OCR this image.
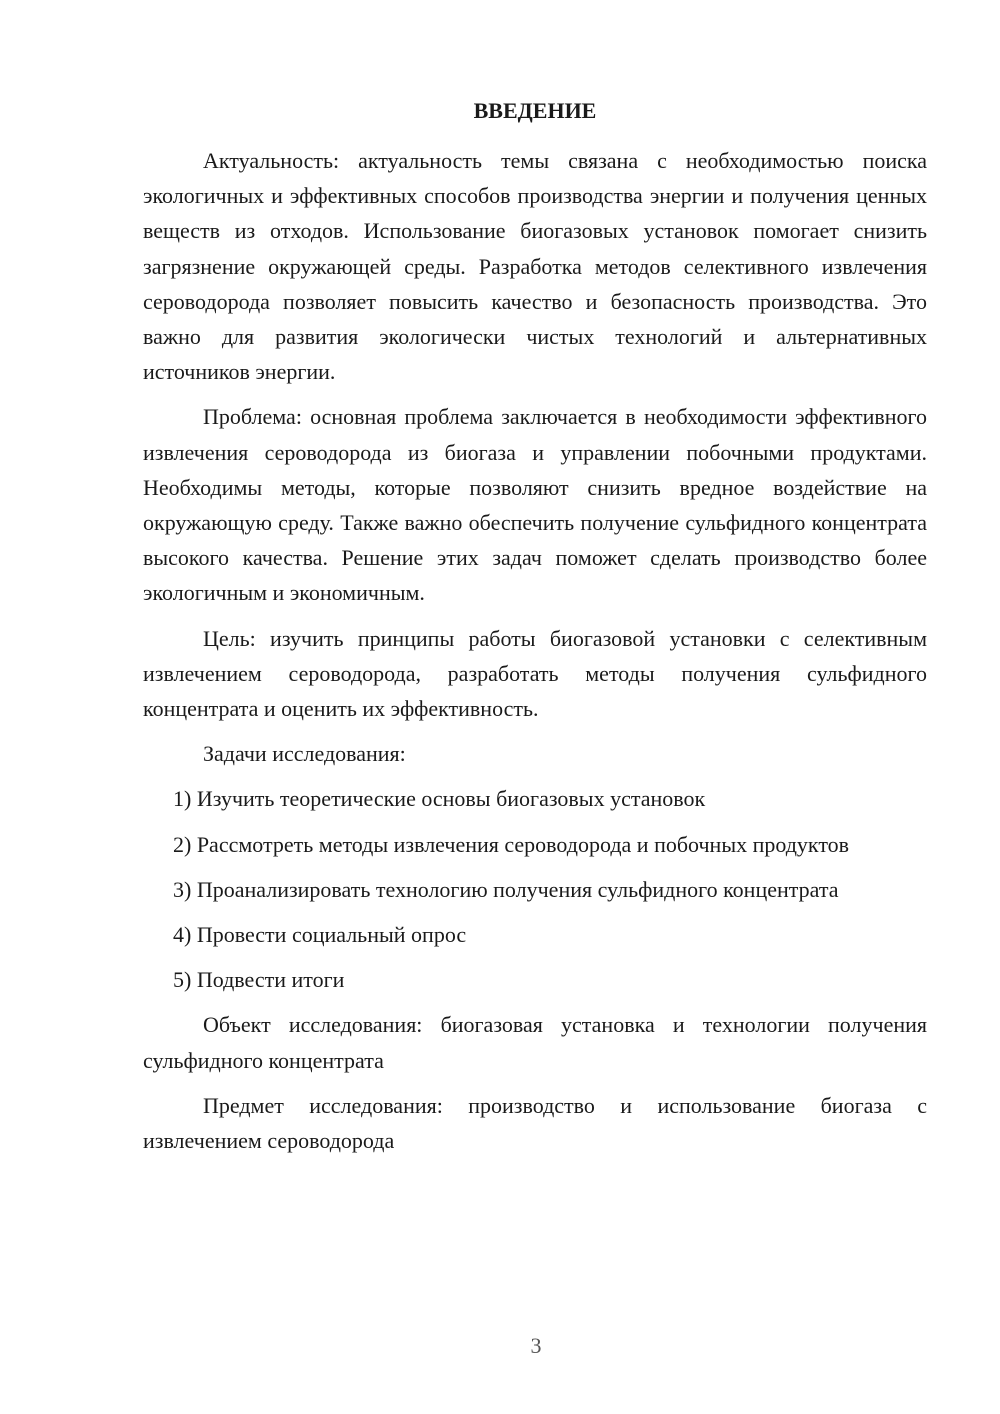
ВВЕДЕНИЕ

Актуальность: актуальность темы связана с необходимостью поиска экологичных и эффективных способов производства энергии и получения ценных веществ из отходов. Использование биогазовых установок помогает снизить загрязнение окружающей среды. Разработка методов селективного извлечения сероводорода позволяет повысить качество и безопасность производства. Это важно для развития экологически чистых технологий и альтернативных источников энергии.

Проблема: основная проблема заключается в необходимости эффективного извлечения сероводорода из биогаза и управлении побочными продуктами. Необходимы методы, которые позволяют снизить вредное воздействие на окружающую среду. Также важно обеспечить получение сульфидного концентрата высокого качества. Решение этих задач поможет сделать производство более экологичным и экономичным.

Цель: изучить принципы работы биогазовой установки с селективным извлечением сероводорода, разработать методы получения сульфидного концентрата и оценить их эффективность.

Задачи исследования:

1) Изучить теоретические основы биогазовых установок

2) Рассмотреть методы извлечения сероводорода и побочных продуктов

3) Проанализировать технологию получения сульфидного концентрата

4) Провести социальный опрос

5) Подвести итоги

Объект исследования: биогазовая установка и технологии получения сульфидного концентрата

Предмет исследования: производство и использование биогаза с извлечением сероводорода

3
